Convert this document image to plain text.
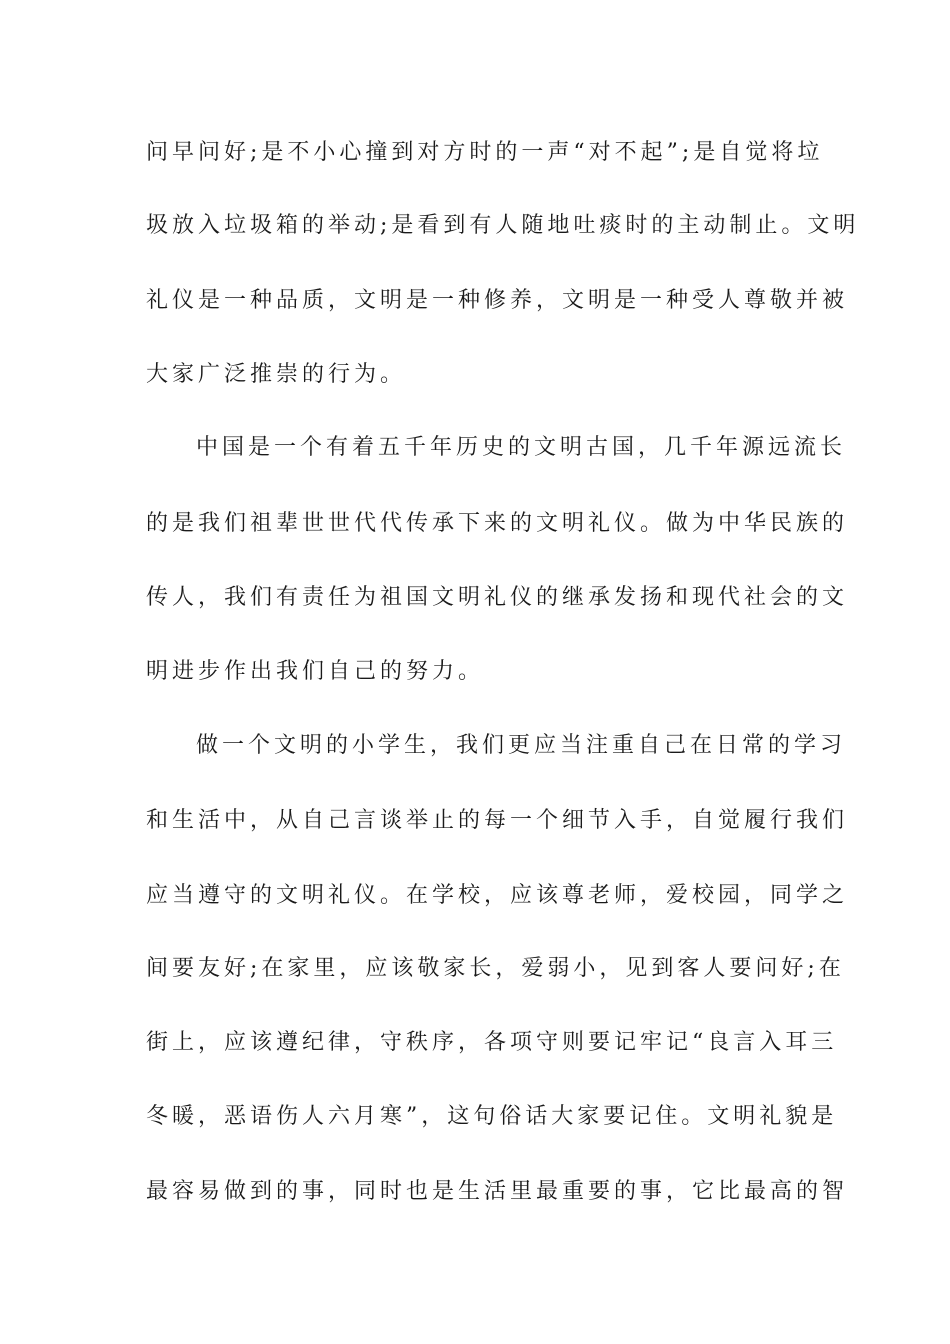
问早问好;是不小心撞到对方时的一声“对不起”;是自觉将垃
圾放入垃圾箱的举动;是看到有人随地吐痰时的主动制止。文明
礼仪是一种品质，文明是一种修养，文明是一种受人尊敬并被
大家广泛推崇的行为。
中国是一个有着五千年历史的文明古国，几千年源远流长
的是我们祖辈世世代代传承下来的文明礼仪。做为中华民族的
传人，我们有责任为祖国文明礼仪的继承发扬和现代社会的文
明进步作出我们自己的努力。
做一个文明的小学生，我们更应当注重自己在日常的学习
和生活中，从自己言谈举止的每一个细节入手，自觉履行我们
应当遵守的文明礼仪。在学校，应该尊老师，爱校园，同学之
间要友好;在家里，应该敬家长，爱弱小，见到客人要问好;在
街上，应该遵纪律，守秩序，各项守则要记牢记“良言入耳三
冬暖，恶语伤人六月寒”，这句俗话大家要记住。文明礼貌是
最容易做到的事，同时也是生活里最重要的事，它比最高的智
